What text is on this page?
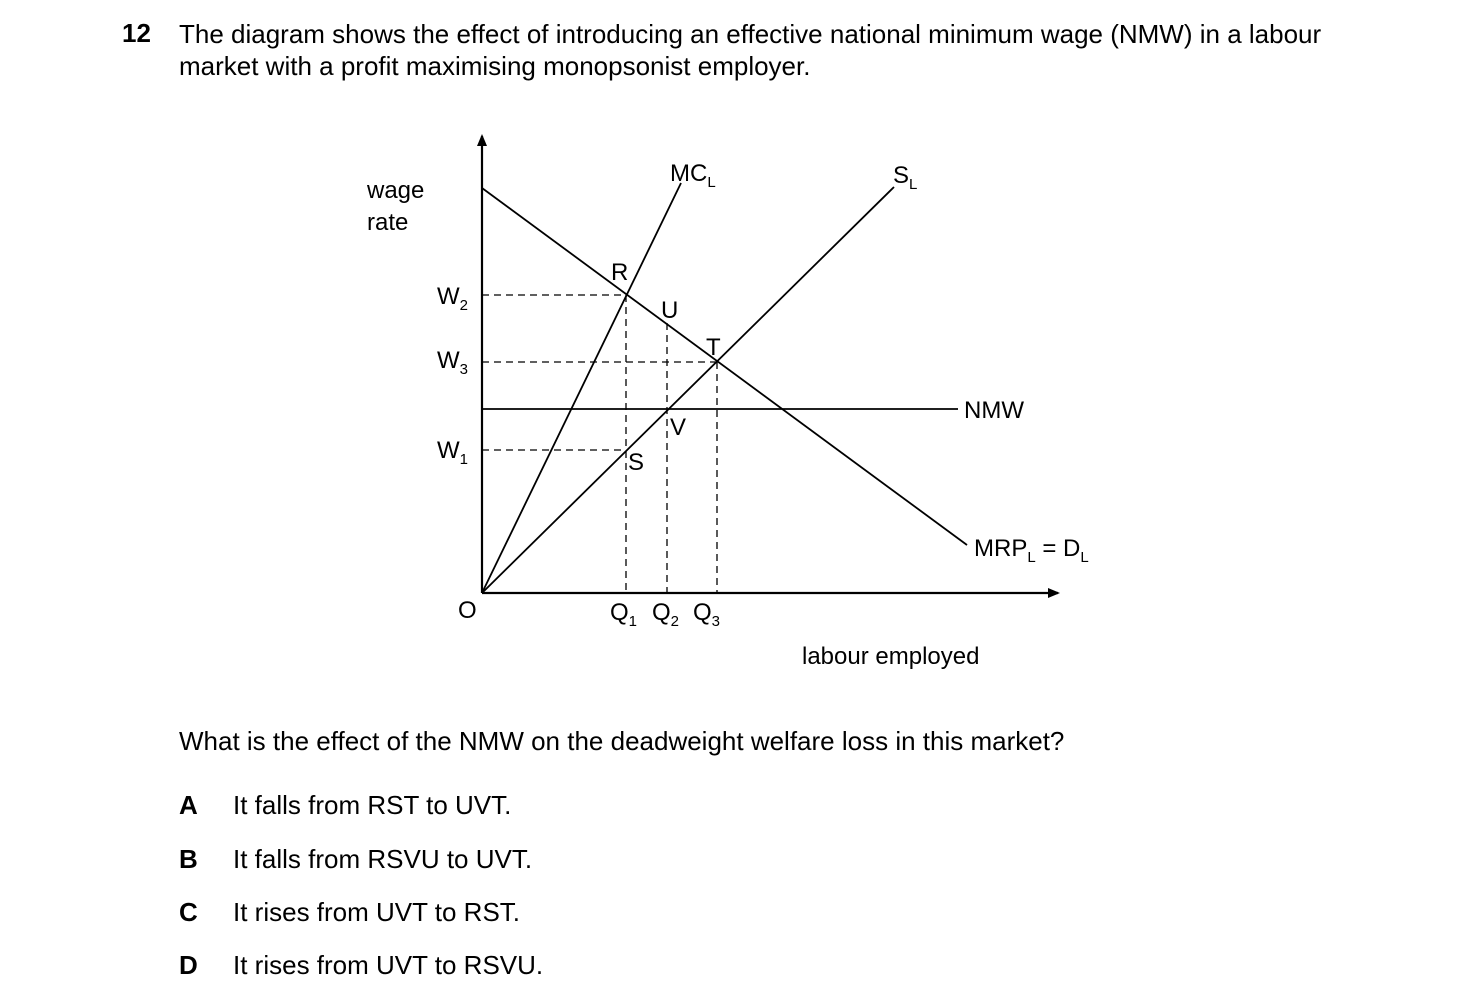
12 The diagram shows the effect of introducing an effective national minimum wage (NMW) in a labour
market with a profit maximising monopsonist employer.
wage
rate
$W_2$
$W_3$
$W_1$
O	$Q_1$ $Q_2$ $Q_3$
R
U
T
V
S
$MC_L$	$S_L$
NMW
$MRP_L = D_L$
labour employed
What is the effect of the NMW on the deadweight welfare loss in this market?
A It falls from RST to UVT.
B It falls from RSVU to UVT.
C It rises from UVT to RST.
D It rises from UVT to RSVU.
